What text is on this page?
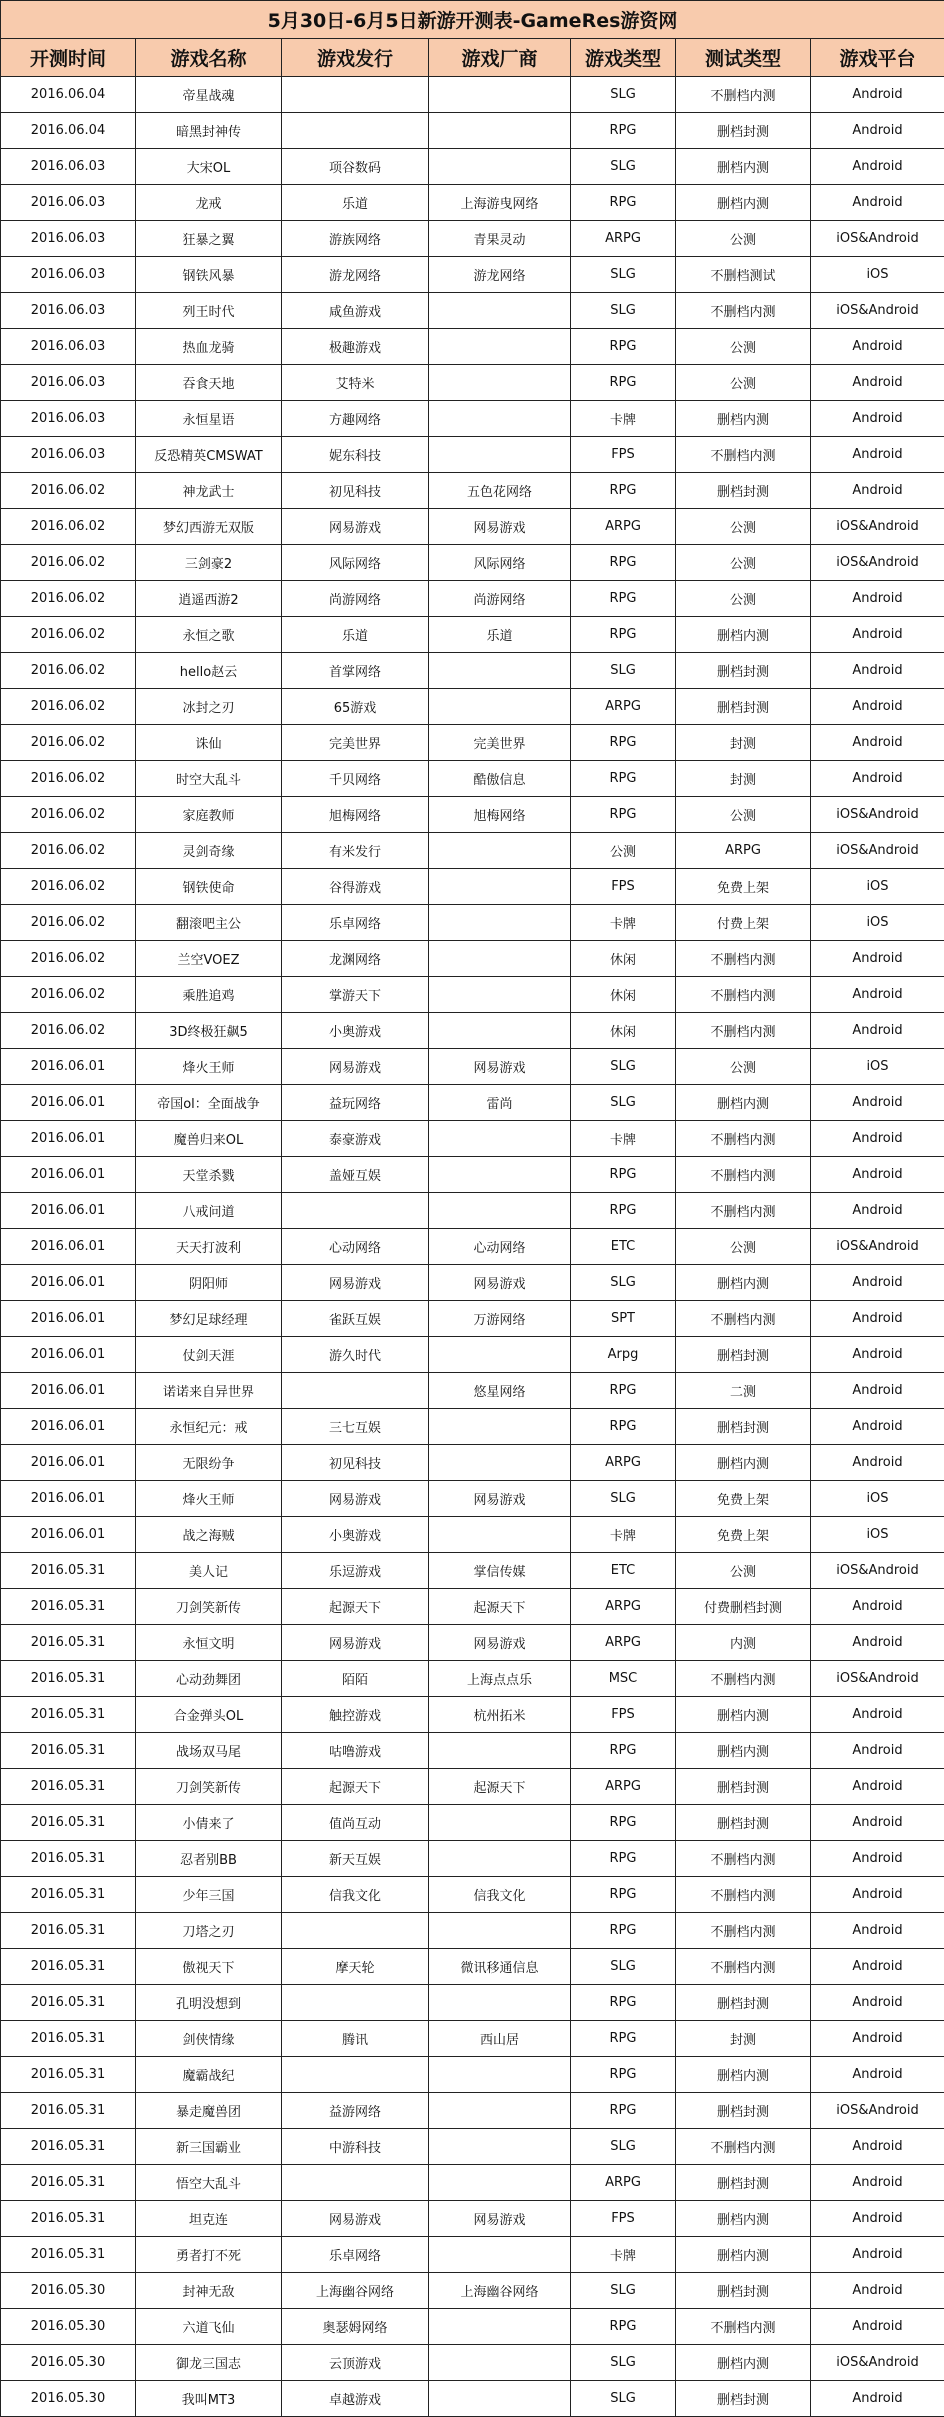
5月30日-6月5日新游开测表-GameRes游资网						
开测时间	游戏名称	游戏发行	游戏厂商	游戏类型	测试类型	游戏平台
2016.06.04	帝星战魂			SLG	不删档内测	Android
2016.06.04	暗黑封神传			RPG	删档封测	Android
2016.06.03	大宋OL	项谷数码		SLG	删档内测	Android
2016.06.03	龙戒	乐道	上海游曳网络	RPG	删档内测	Android
2016.06.03	狂暴之翼	游族网络	青果灵动	ARPG	公测	iOS&Android
2016.06.03	钢铁风暴	游龙网络	游龙网络	SLG	不删档测试	iOS
2016.06.03	列王时代	咸鱼游戏		SLG	不删档内测	iOS&Android
2016.06.03	热血龙骑	极趣游戏		RPG	公测	Android
2016.06.03	吞食天地	艾特米		RPG	公测	Android
2016.06.03	永恒星语	方趣网络		卡牌	删档内测	Android
2016.06.03	反恐精英CMSWAT	妮东科技		FPS	不删档内测	Android
2016.06.02	神龙武士	初见科技	五色花网络	RPG	删档封测	Android
2016.06.02	梦幻西游无双版	网易游戏	网易游戏	ARPG	公测	iOS&Android
2016.06.02	三剑豪2	风际网络	风际网络	RPG	公测	iOS&Android
2016.06.02	逍遥西游2	尚游网络	尚游网络	RPG	公测	Android
2016.06.02	永恒之歌	乐道	乐道	RPG	删档内测	Android
2016.06.02	hello赵云	首掌网络		SLG	删档封测	Android
2016.06.02	冰封之刃	65游戏		ARPG	删档封测	Android
2016.06.02	诛仙	完美世界	完美世界	RPG	封测	Android
2016.06.02	时空大乱斗	千贝网络	酷傲信息	RPG	封测	Android
2016.06.02	家庭教师	旭梅网络	旭梅网络	RPG	公测	iOS&Android
2016.06.02	灵剑奇缘	有米发行		公测	ARPG	iOS&Android
2016.06.02	钢铁使命	谷得游戏		FPS	免费上架	iOS
2016.06.02	翻滚吧主公	乐卓网络		卡牌	付费上架	iOS
2016.06.02	兰空VOEZ	龙渊网络		休闲	不删档内测	Android
2016.06.02	乘胜追鸡	掌游天下		休闲	不删档内测	Android
2016.06.02	3D终极狂飙5	小奥游戏		休闲	不删档内测	Android
2016.06.01	烽火王师	网易游戏	网易游戏	SLG	公测	iOS
2016.06.01	帝国ol：全面战争	益玩网络	雷尚	SLG	删档内测	Android
2016.06.01	魔兽归来OL	泰豪游戏		卡牌	不删档内测	Android
2016.06.01	天堂杀戮	盖娅互娱		RPG	不删档内测	Android
2016.06.01	八戒问道			RPG	不删档内测	Android
2016.06.01	天天打波利	心动网络	心动网络	ETC	公测	iOS&Android
2016.06.01	阴阳师	网易游戏	网易游戏	SLG	删档内测	Android
2016.06.01	梦幻足球经理	雀跃互娱	万游网络	SPT	不删档内测	Android
2016.06.01	仗剑天涯	游久时代		Arpg	删档封测	Android
2016.06.01	诺诺来自异世界		悠星网络	RPG	二测	Android
2016.06.01	永恒纪元：戒	三七互娱		RPG	删档封测	Android
2016.06.01	无限纷争	初见科技		ARPG	删档内测	Android
2016.06.01	烽火王师	网易游戏	网易游戏	SLG	免费上架	iOS
2016.06.01	战之海贼	小奥游戏		卡牌	免费上架	iOS
2016.05.31	美人记	乐逗游戏	掌信传媒	ETC	公测	iOS&Android
2016.05.31	刀剑笑新传	起源天下	起源天下	ARPG	付费删档封测	Android
2016.05.31	永恒文明	网易游戏	网易游戏	ARPG	内测	Android
2016.05.31	心动劲舞团	陌陌	上海点点乐	MSC	不删档内测	iOS&Android
2016.05.31	合金弹头OL	触控游戏	杭州拓米	FPS	删档内测	Android
2016.05.31	战场双马尾	咕噜游戏		RPG	删档内测	Android
2016.05.31	刀剑笑新传	起源天下	起源天下	ARPG	删档封测	Android
2016.05.31	小倩来了	值尚互动		RPG	删档封测	Android
2016.05.31	忍者别BB	新天互娱		RPG	不删档内测	Android
2016.05.31	少年三国	信我文化	信我文化	RPG	不删档内测	Android
2016.05.31	刀塔之刃			RPG	不删档内测	Android
2016.05.31	傲视天下	摩天轮	微讯移通信息	SLG	不删档内测	Android
2016.05.31	孔明没想到			RPG	删档封测	Android
2016.05.31	剑侠情缘	腾讯	西山居	RPG	封测	Android
2016.05.31	魔霸战纪			RPG	删档内测	Android
2016.05.31	暴走魔兽团	益游网络		RPG	删档封测	iOS&Android
2016.05.31	新三国霸业	中游科技		SLG	不删档内测	Android
2016.05.31	悟空大乱斗			ARPG	删档封测	Android
2016.05.31	坦克连	网易游戏	网易游戏	FPS	删档内测	Android
2016.05.31	勇者打不死	乐卓网络		卡牌	删档内测	Android
2016.05.30	封神无敌	上海幽谷网络	上海幽谷网络	SLG	删档封测	Android
2016.05.30	六道飞仙	奥瑟姆网络		RPG	不删档内测	Android
2016.05.30	御龙三国志	云顶游戏		SLG	删档内测	iOS&Android
2016.05.30	我叫MT3	卓越游戏		SLG	删档封测	Android
